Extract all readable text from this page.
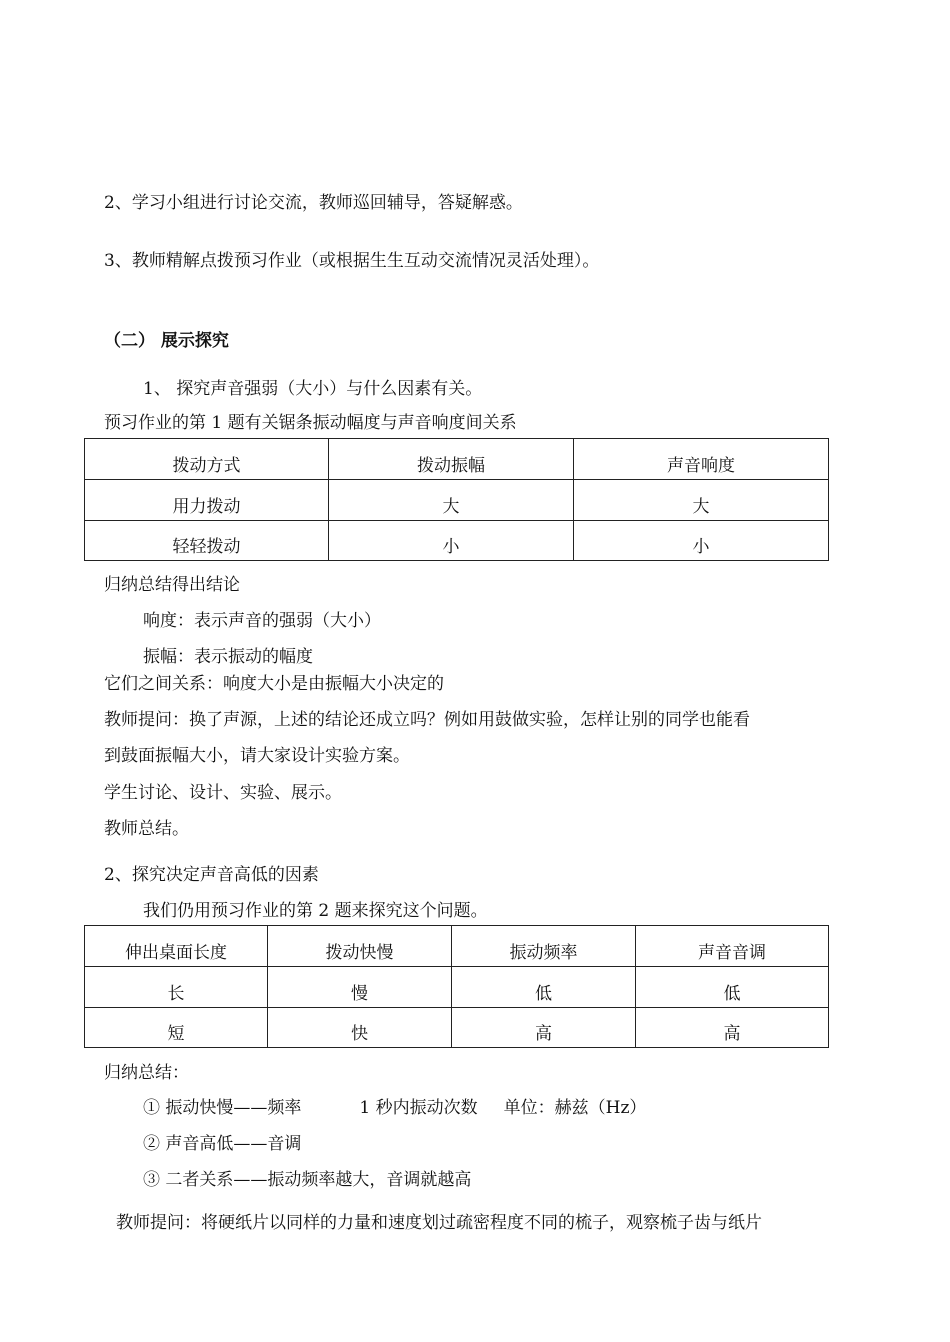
2、学习小组进行讨论交流，教师巡回辅导，答疑解惑。
3、教师精解点拨预习作业（或根据生生互动交流情况灵活处理）。
（二） 展示探究
1、 探究声音强弱（大小）与什么因素有关。
预习作业的第 1 题有关锯条振动幅度与声音响度间关系
拨动方式	拨动振幅	声音响度
用力拨动	大	大
轻轻拨动	小	小
归纳总结得出结论
响度：表示声音的强弱（大小）
振幅：表示振动的幅度
它们之间关系：响度大小是由振幅大小决定的
教师提问：换了声源，上述的结论还成立吗？例如用鼓做实验，怎样让别的同学也能看
到鼓面振幅大小，请大家设计实验方案。
学生讨论、设计、实验、展示。
教师总结。
2、探究决定声音高低的因素
我们仍用预习作业的第 2 题来探究这个问题。
伸出桌面长度	拨动快慢	振动频率	声音音调
长	慢	低	低
短	快	高	高
归纳总结：
① 振动快慢——频率	1 秒内振动次数 单位：赫兹（Hz）
② 声音高低——音调
③ 二者关系——振动频率越大，音调就越高
教师提问：将硬纸片以同样的力量和速度划过疏密程度不同的梳子，观察梳子齿与纸片
